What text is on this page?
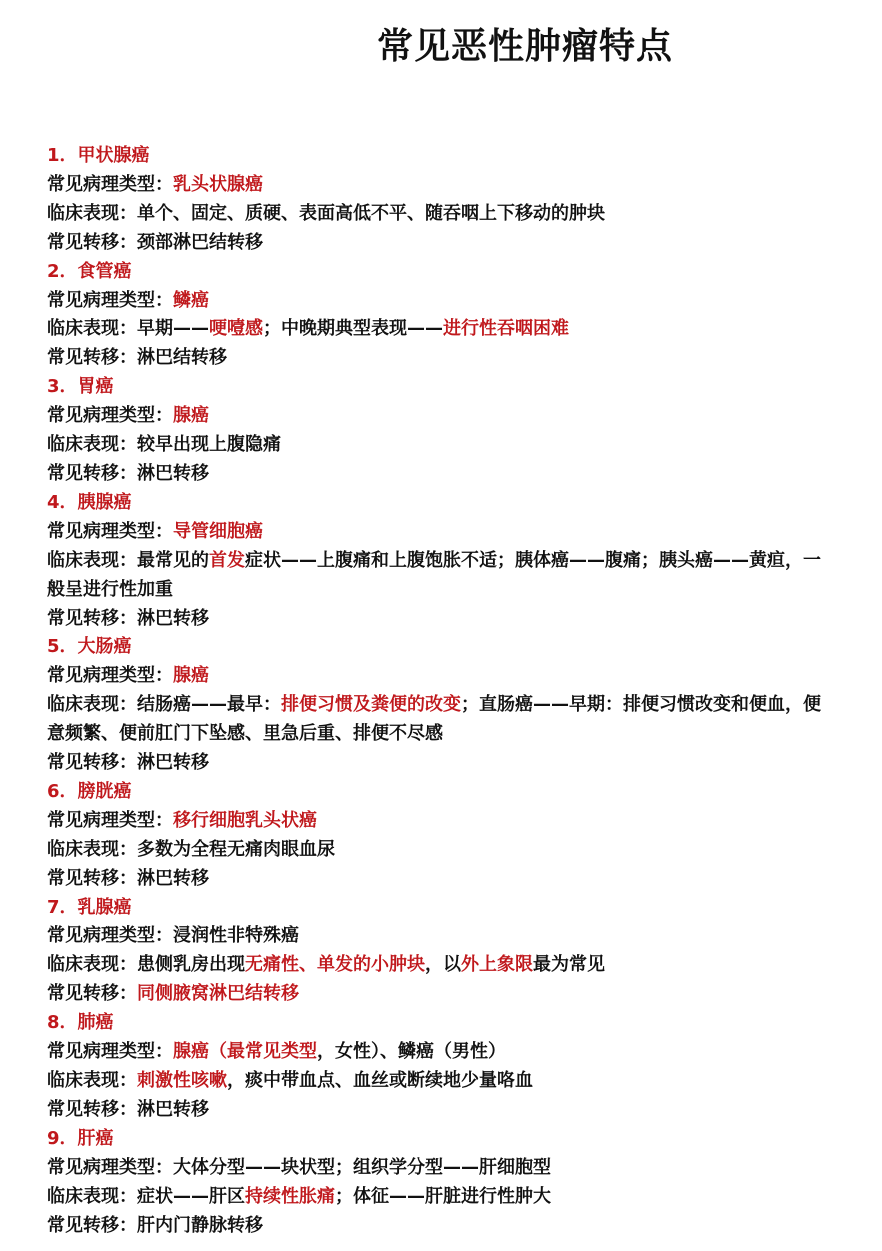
常见恶性肿瘤特点
1．甲状腺癌
常见病理类型：乳头状腺癌
临床表现：单个、固定、质硬、表面高低不平、随吞咽上下移动的肿块
常见转移：颈部淋巴结转移
2．食管癌
常见病理类型：鳞癌
临床表现：早期——哽噎感；中晚期典型表现——进行性吞咽困难
常见转移：淋巴结转移
3．胃癌
常见病理类型：腺癌
临床表现：较早出现上腹隐痛
常见转移：淋巴转移
4．胰腺癌
常见病理类型：导管细胞癌
临床表现：最常见的首发症状——上腹痛和上腹饱胀不适；胰体癌——腹痛；胰头癌——黄疸，一般呈进行性加重
常见转移：淋巴转移
5．大肠癌
常见病理类型：腺癌
临床表现：结肠癌——最早：排便习惯及粪便的改变；直肠癌——早期：排便习惯改变和便血，便意频繁、便前肛门下坠感、里急后重、排便不尽感
常见转移：淋巴转移
6．膀胱癌
常见病理类型：移行细胞乳头状癌
临床表现：多数为全程无痛肉眼血尿
常见转移：淋巴转移
7．乳腺癌
常见病理类型：浸润性非特殊癌
临床表现：患侧乳房出现无痛性、单发的小肿块，以外上象限最为常见
常见转移：同侧腋窝淋巴结转移
8．肺癌
常见病理类型：腺癌（最常见类型，女性）、鳞癌（男性）
临床表现：刺激性咳嗽，痰中带血点、血丝或断续地少量咯血
常见转移：淋巴转移
9．肝癌
常见病理类型：大体分型——块状型；组织学分型——肝细胞型
临床表现：症状——肝区持续性胀痛；体征——肝脏进行性肿大
常见转移：肝内门静脉转移
